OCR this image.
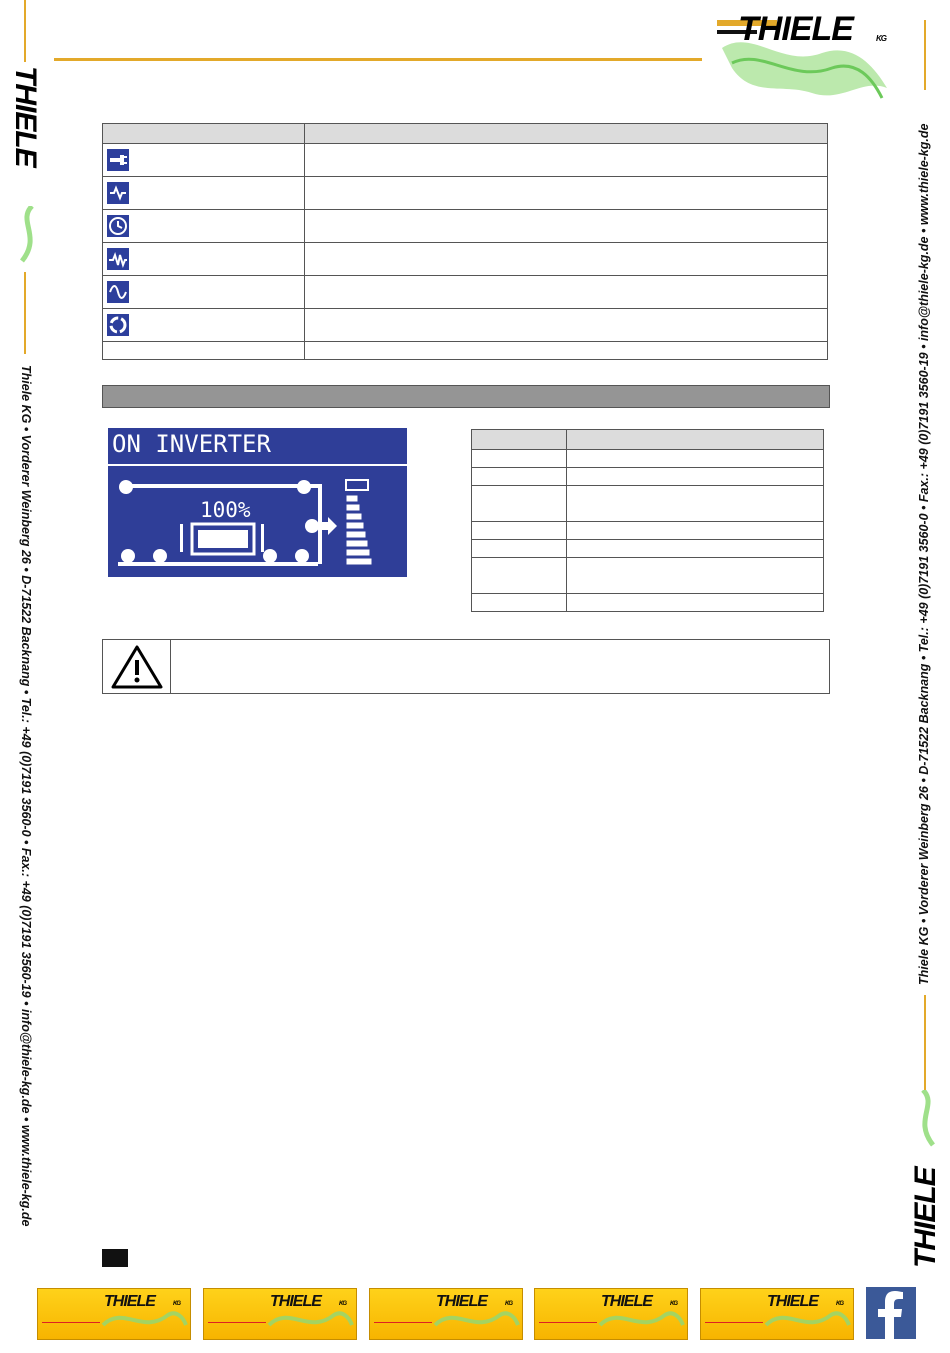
THIELE	KG
THIELE
Thiele KG • Vorderer Weinberg 26 • D-71522 Backnang • Tel.: +49 (0)7191 3560-0 • Fax.: +49 (0)7191 3560-19 • info@thiele-kg.de • www.thiele-kg.de	Thiele KG • Vorderer Weinberg 26 • D-71522 Backnang • Tel.: +49 (0)7191 3560-0 • Fax.: +49 (0)7191 3560-19 • info@thiele-kg.de • www.thiele-kg.de
THIELE

ON INVERTER
100%

THIELE	KG	THIELE	KG	THIELE	KG	THIELE	KG	THIELE	KG
